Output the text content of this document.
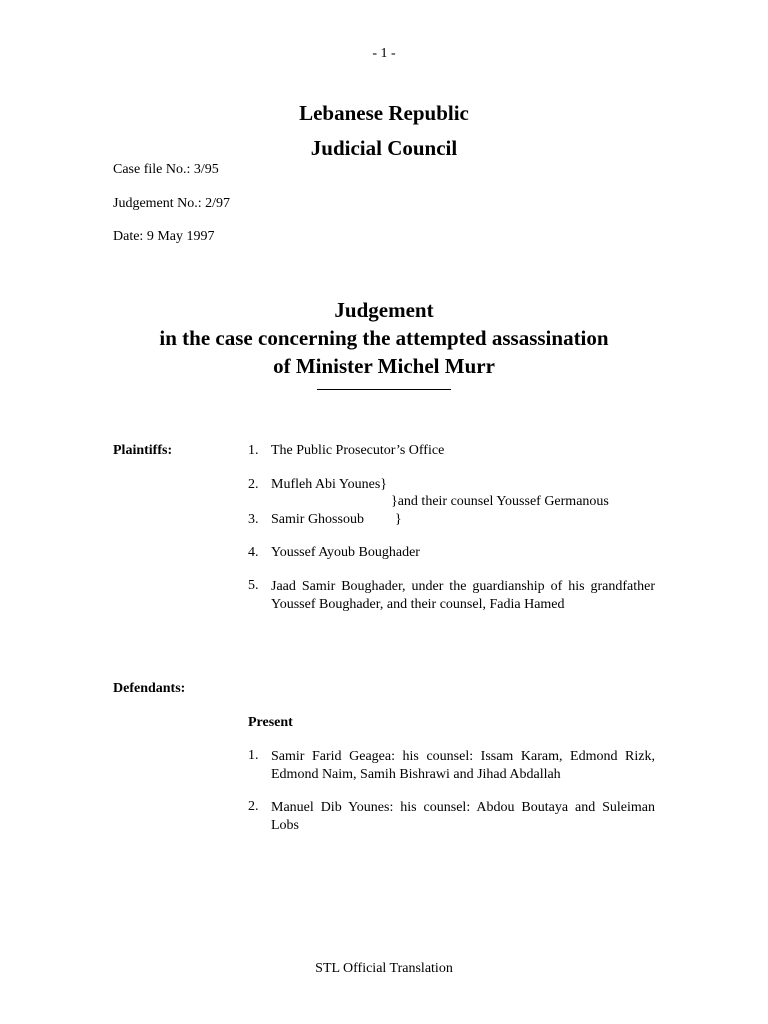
- 1 -
Lebanese Republic
Judicial Council
Case file No.: 3/95
Judgement No.: 2/97
Date: 9 May 1997
Judgement
in the case concerning the attempted assassination
of Minister Michel Murr
Plaintiffs:	1. The Public Prosecutor’s Office
2. Mufleh Abi Younes}
}and their counsel Youssef Germanous
3. Samir Ghossoub }
4. Youssef Ayoub Boughader
5. Jaad Samir Boughader, under the guardianship of his grandfather Youssef Boughader, and their counsel, Fadia Hamed
Defendants:
Present
1. Samir Farid Geagea: his counsel: Issam Karam, Edmond Rizk, Edmond Naim, Samih Bishrawi and Jihad Abdallah
2. Manuel Dib Younes: his counsel: Abdou Boutaya and Suleiman Lobs
STL Official Translation
